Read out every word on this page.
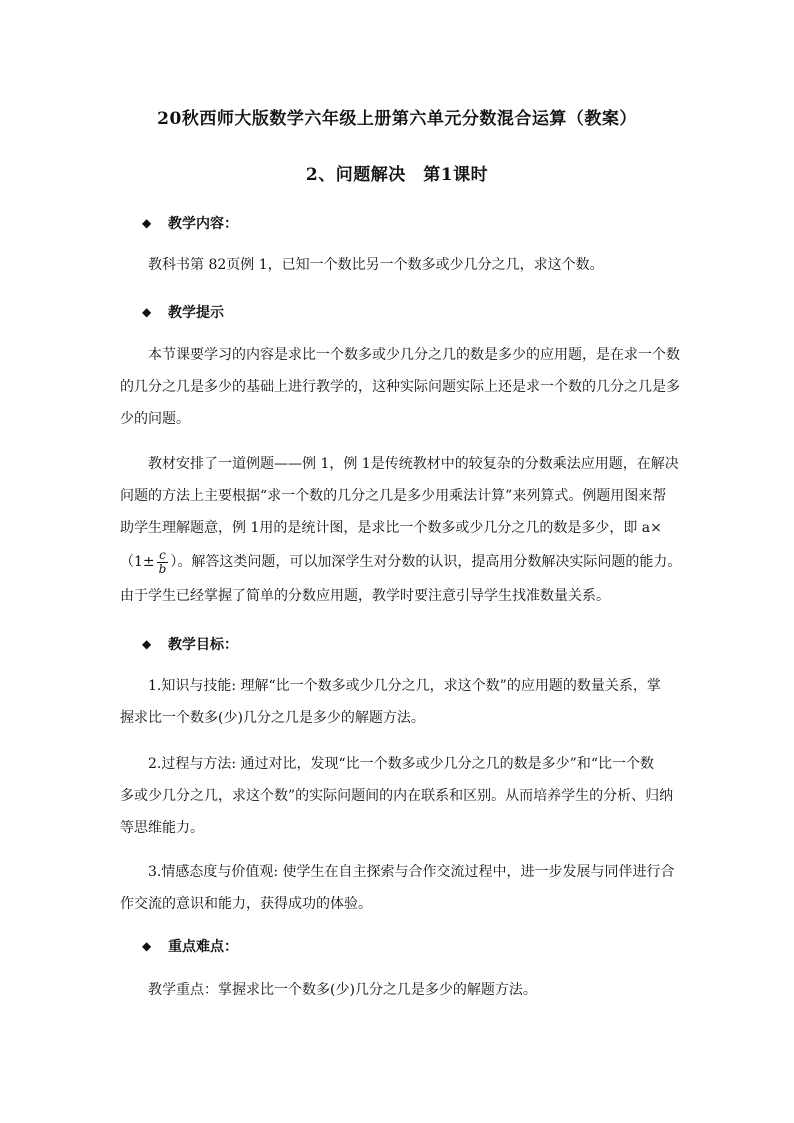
20秋西师大版数学六年级上册第六单元分数混合运算（教案）
2、问题解决　第1课时
◆	教学内容：
教科书第 82页例 1，已知一个数比另一个数多或少几分之几，求这个数。
◆	教学提示
本节课要学习的内容是求比一个数多或少几分之几的数是多少的应用题，是在求一个数
的几分之几是多少的基础上进行教学的，这种实际问题实际上还是求一个数的几分之几是多
少的问题。
教材安排了一道例题——例 1，例 1是传统教材中的较复杂的分数乘法应用题，在解决
问题的方法上主要根据“求一个数的几分之几是多少用乘法计算”来列算式。例题用图来帮
助学生理解题意，例 1用的是统计图，是求比一个数多或少几分之几的数是多少，即 a×
（$1\pm \frac{c}{b}$ ）。解答这类问题，可以加深学生对分数的认识，提高用分数解决实际问题的能力。
由于学生已经掌握了简单的分数应用题，教学时要注意引导学生找准数量关系。
◆	教学目标：
1.知识与技能: 理解“比一个数多或少几分之几，求这个数”的应用题的数量关系，掌
握求比一个数多(少)几分之几是多少的解题方法。
2.过程与方法: 通过对比，发现“比一个数多或少几分之几的数是多少”和“比一个数
多或少几分之几，求这个数”的实际问题间的内在联系和区别。从而培养学生的分析、归纳
等思维能力。
3.情感态度与价值观: 使学生在自主探索与合作交流过程中，进一步发展与同伴进行合
作交流的意识和能力，获得成功的体验。
◆	重点难点：
教学重点：掌握求比一个数多(少)几分之几是多少的解题方法。
